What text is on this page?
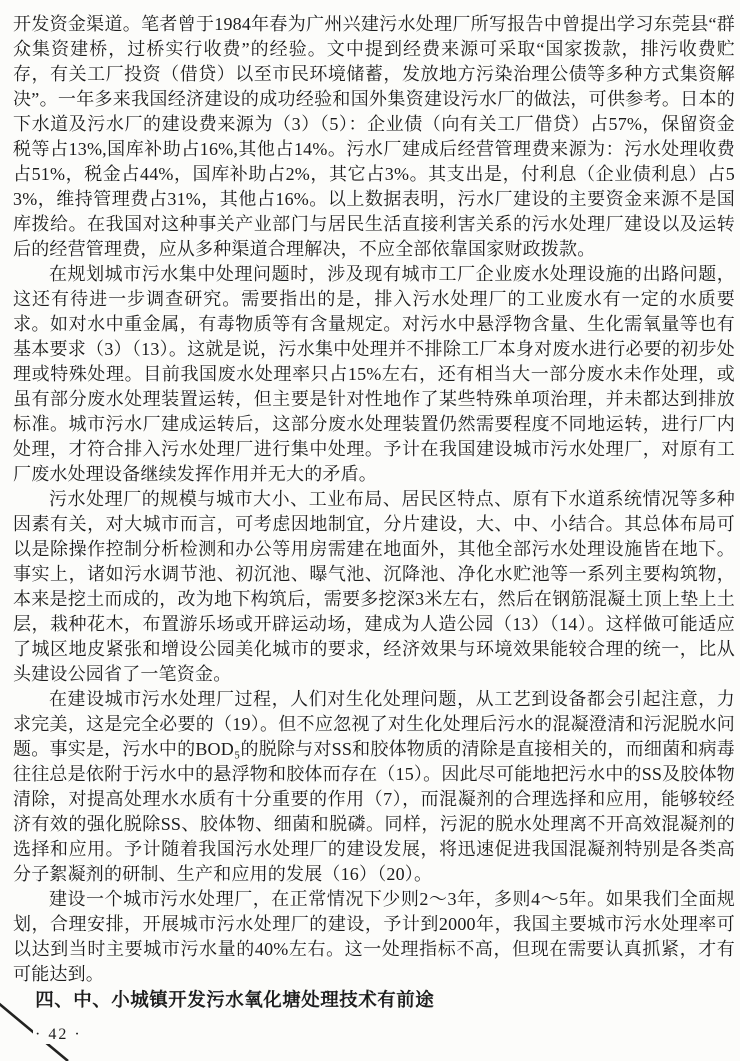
开发资金渠道。笔者曾于1984年春为广州兴建污水处理厂所写报告中曾提出学习东莞县“群众集资建桥，过桥实行收费”的经验。文中提到经费来源可采取“国家拨款，排污收费贮存，有关工厂投资（借贷）以至市民环境储蓄，发放地方污染治理公债等多种方式集资解决”。一年多来我国经济建设的成功经验和国外集资建设污水厂的做法，可供参考。日本的下水道及污水厂的建设费来源为（3）（5）：企业债（向有关工厂借贷）占57%，保留资金税等占13%,国库补助占16%,其他占14%。污水厂建成后经营管理费来源为：污水处理收费占51%，税金占44%，国库补助占2%，其它占3%。其支出是，付利息（企业债利息）占53%，维持管理费占31%，其他占16%。以上数据表明，污水厂建设的主要资金来源不是国库拨给。在我国对这种事关产业部门与居民生活直接利害关系的污水处理厂建设以及运转后的经营管理费，应从多种渠道合理解决，不应全部依靠国家财政拨款。

在规划城市污水集中处理问题时，涉及现有城市工厂企业废水处理设施的出路问题，这还有待进一步调查研究。需要指出的是，排入污水处理厂的工业废水有一定的水质要求。如对水中重金属，有毒物质等有含量规定。对污水中悬浮物含量、生化需氧量等也有基本要求（3）（13）。这就是说，污水集中处理并不排除工厂本身对废水进行必要的初步处理或特殊处理。目前我国废水处理率只占15%左右，还有相当大一部分废水未作处理，或虽有部分废水处理装置运转，但主要是针对性地作了某些特殊单项治理，并未都达到排放标准。城市污水厂建成运转后，这部分废水处理装置仍然需要程度不同地运转，进行厂内处理，才符合排入污水处理厂进行集中处理。予计在我国建设城市污水处理厂，对原有工厂废水处理设备继续发挥作用并无大的矛盾。

污水处理厂的规模与城市大小、工业布局、居民区特点、原有下水道系统情况等多种因素有关，对大城市而言，可考虑因地制宜，分片建设，大、中、小结合。其总体布局可以是除操作控制分析检测和办公等用房需建在地面外，其他全部污水处理设施皆在地下。事实上，诸如污水调节池、初沉池、曝气池、沉降池、净化水贮池等一系列主要构筑物，本来是挖土而成的，改为地下构筑后，需要多挖深3米左右，然后在钢筋混凝土顶上垫上土层，栽种花木，布置游乐场或开辟运动场，建成为人造公园（13）（14）。这样做可能适应了城区地皮紧张和增设公园美化城市的要求，经济效果与环境效果能较合理的统一，比从头建设公园省了一笔资金。

在建设城市污水处理厂过程，人们对生化处理问题，从工艺到设备都会引起注意，力求完美，这是完全必要的（19）。但不应忽视了对生化处理后污水的混凝澄清和污泥脱水问题。事实是，污水中的BOD₅的脱除与对SS和胶体物质的清除是直接相关的，而细菌和病毒往往总是依附于污水中的悬浮物和胶体而存在（15）。因此尽可能地把污水中的SS及胶体物清除，对提高处理水水质有十分重要的作用（7），而混凝剂的合理选择和应用，能够较经济有效的强化脱除SS、胶体物、细菌和脱磷。同样，污泥的脱水处理离不开高效混凝剂的选择和应用。予计随着我国污水处理厂的建设发展，将迅速促进我国混凝剂特别是各类高分子絮凝剂的研制、生产和应用的发展（16）（20）。

建设一个城市污水处理厂，在正常情况下少则2～3年，多则4～5年。如果我们全面规划，合理安排，开展城市污水处理厂的建设，予计到2000年，我国主要城市污水处理率可以达到当时主要城市污水量的40%左右。这一处理指标不高，但现在需要认真抓紧，才有可能达到。

四、中、小城镇开发污水氧化塘处理技术有前途
· 42 ·
